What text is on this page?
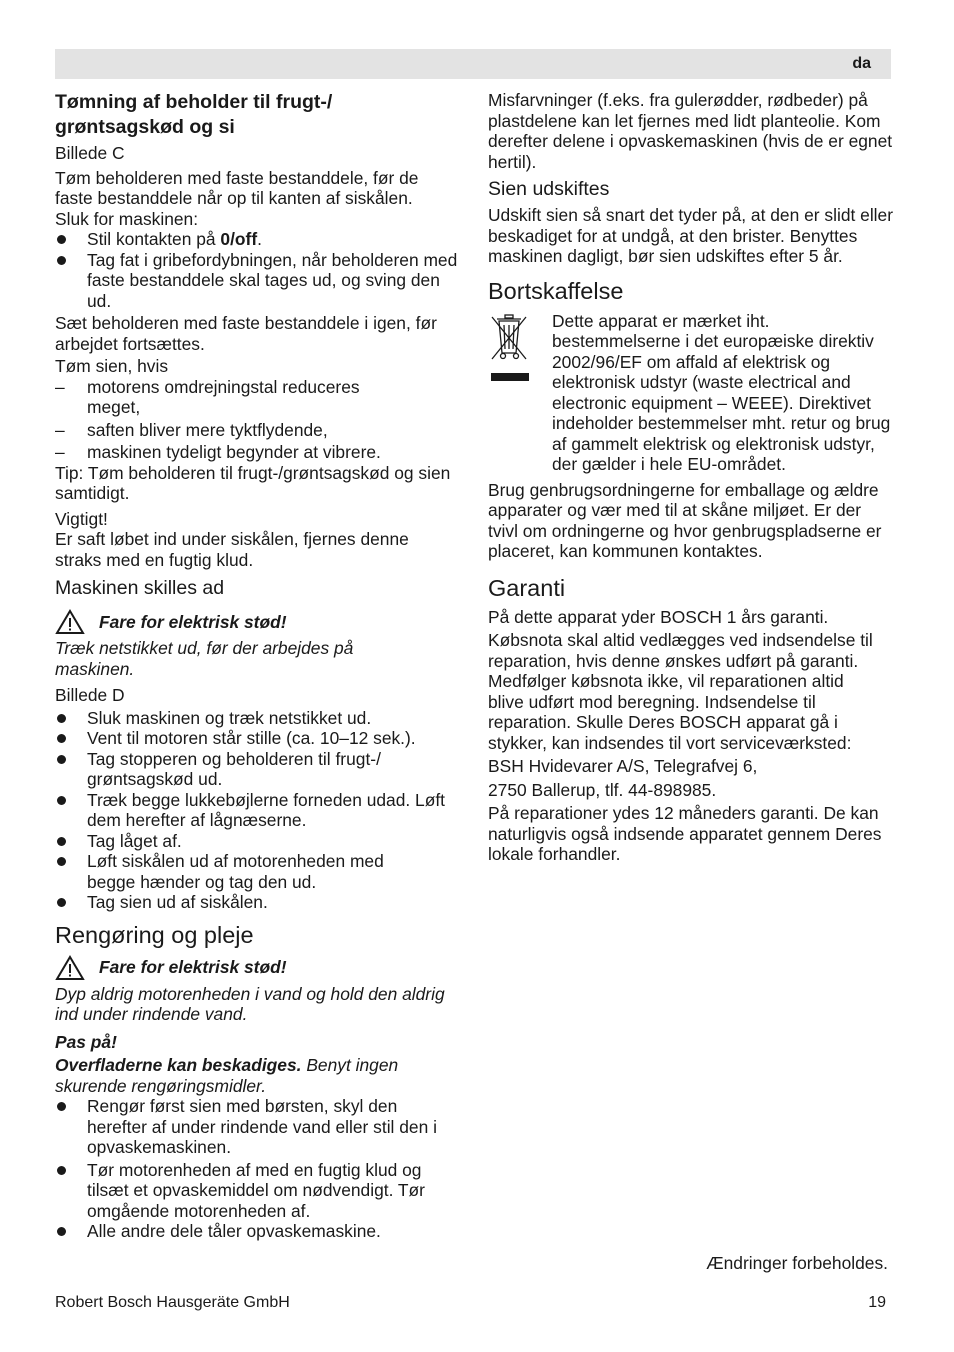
da
Tømning af beholder til frugt-/ grøntsagskød og si

Billede C

Tøm beholderen med faste bestanddele, før de faste bestanddele når op til kanten af siskålen. Sluk for maskinen:

Stil kontakten på 0/off.
Tag fat i gribefordybningen, når beholderen med faste bestanddele skal tages ud, og sving den ud.

Sæt beholderen med faste bestanddele i igen, før arbejdet fortsættes.

Tøm sien, hvis

– motorens omdrejningstal reduceres meget,
– saften bliver mere tyktflydende,
– maskinen tydeligt begynder at vibrere.

Tip: Tøm beholderen til frugt-/grøntsagskød og sien samtidigt.

Vigtigt!

Er saft løbet ind under siskålen, fjernes denne straks med en fugtig klud.

Maskinen skilles ad
Fare for elektrisk stød!

Træk netstikket ud, før der arbejdes på maskinen.

Billede D

Sluk maskinen og træk netstikket ud.
Vent til motoren står stille (ca. 10–12 sek.).
Tag stopperen og beholderen til frugt-/ grøntsagskød ud.
Træk begge lukkebøjlerne forneden udad. Løft dem herefter af lågnæserne.
Tag låget af.
Løft siskålen ud af motorenheden med begge hænder og tag den ud.
Tag sien ud af siskålen.
Rengøring og pleje
Fare for elektrisk stød!

Dyp aldrig motorenheden i vand og hold den aldrig ind under rindende vand.

Pas på!

Overfladerne kan beskadiges. Benyt ingen skurende rengøringsmidler.

Rengør først sien med børsten, skyl den herefter af under rindende vand eller stil den i opvaskemaskinen.
Tør motorenheden af med en fugtig klud og tilsæt et opvaskemiddel om nødvendigt. Tør omgående motorenheden af.
Alle andre dele tåler opvaskemaskine.

Misfarvninger (f.eks. fra gulerødder, rødbeder) på plastdelene kan let fjernes med lidt planteolie. Kom derefter delene i opvaskemaskinen (hvis de er egnet hertil).

Sien udskiftes

Udskift sien så snart det tyder på, at den er slidt eller beskadiget for at undgå, at den brister. Benyttes maskinen dagligt, bør sien udskiftes efter 5 år.

Bortskaffelse

Dette apparat er mærket iht. bestemmelserne i det europæiske direktiv 2002/96/EF om affald af elektrisk og elektronisk udstyr (waste electrical and electronic equipment – WEEE). Direktivet indeholder bestemmelser mht. retur og brug af gammelt elektrisk og elektronisk udstyr, der gælder i hele EU-området.

Brug genbrugsordningerne for emballage og ældre apparater og vær med til at skåne miljøet. Er der tvivl om ordningerne og hvor genbrugspladserne er placeret, kan kommunen kontaktes.

Garanti

På dette apparat yder BOSCH 1 års garanti.

Købsnota skal altid vedlægges ved indsendelse til reparation, hvis denne ønskes udført på garanti. Medfølger købsnota ikke, vil reparationen altid blive udført mod beregning. Indsendelse til reparation. Skulle Deres BOSCH apparat gå i stykker, kan indsendes til vort serviceværksted:

BSH Hvidevarer A/S, Telegrafvej 6,

2750 Ballerup, tlf. 44-898985.

På reparationer ydes 12 måneders garanti. De kan naturligvis også indsende apparatet gennem Deres lokale forhandler.

Ændringer forbeholdes.

Robert Bosch Hausgeräte GmbH	19
